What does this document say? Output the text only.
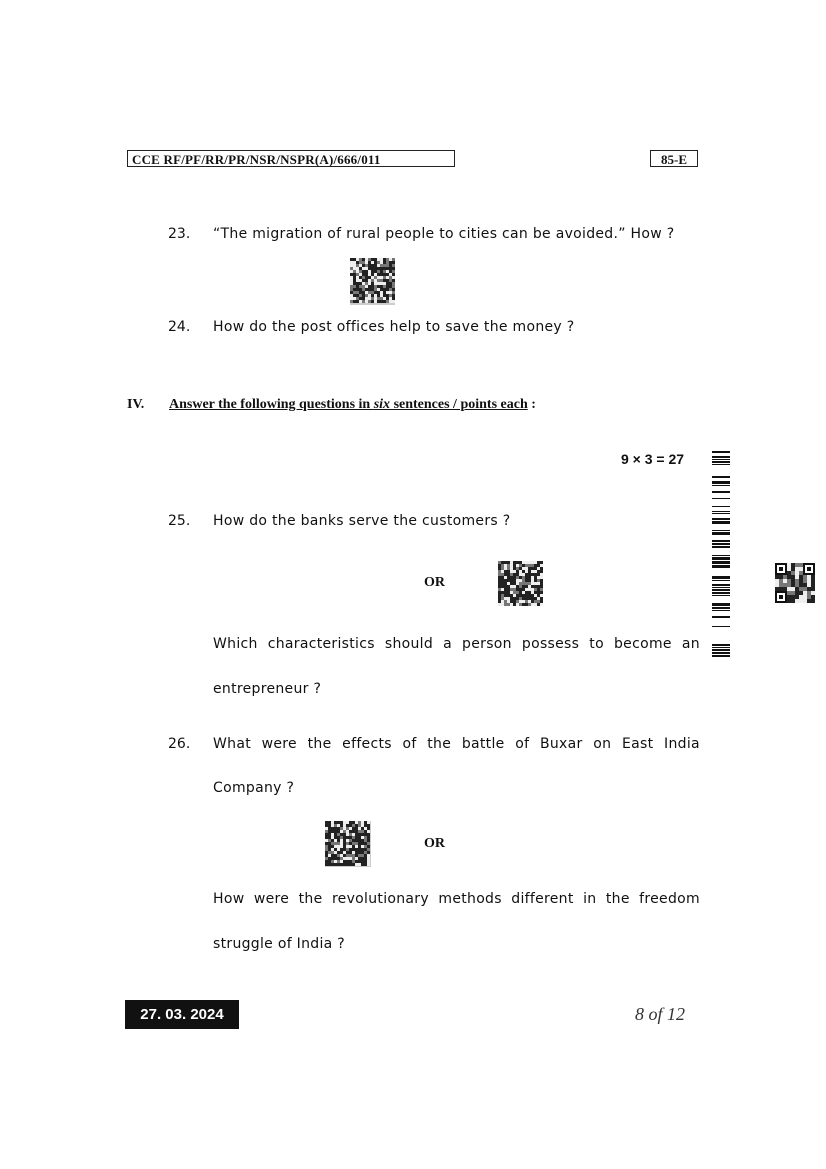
CCE RF/PF/RR/PR/NSR/NSPR(A)/666/011	85-E
23. “The migration of rural people to cities can be avoided.” How ?
24. How do the post offices help to save the money ?
IV. Answer the following questions in six sentences / points each :
9 × 3 = 27
25. How do the banks serve the customers ?
OR
Which characteristics should a person possess to become an
entrepreneur ?
26. What were the effects of the battle of Buxar on East India
Company ?
OR
How were the revolutionary methods different in the freedom
struggle of India ?
27. 03. 2024	8 of 12
